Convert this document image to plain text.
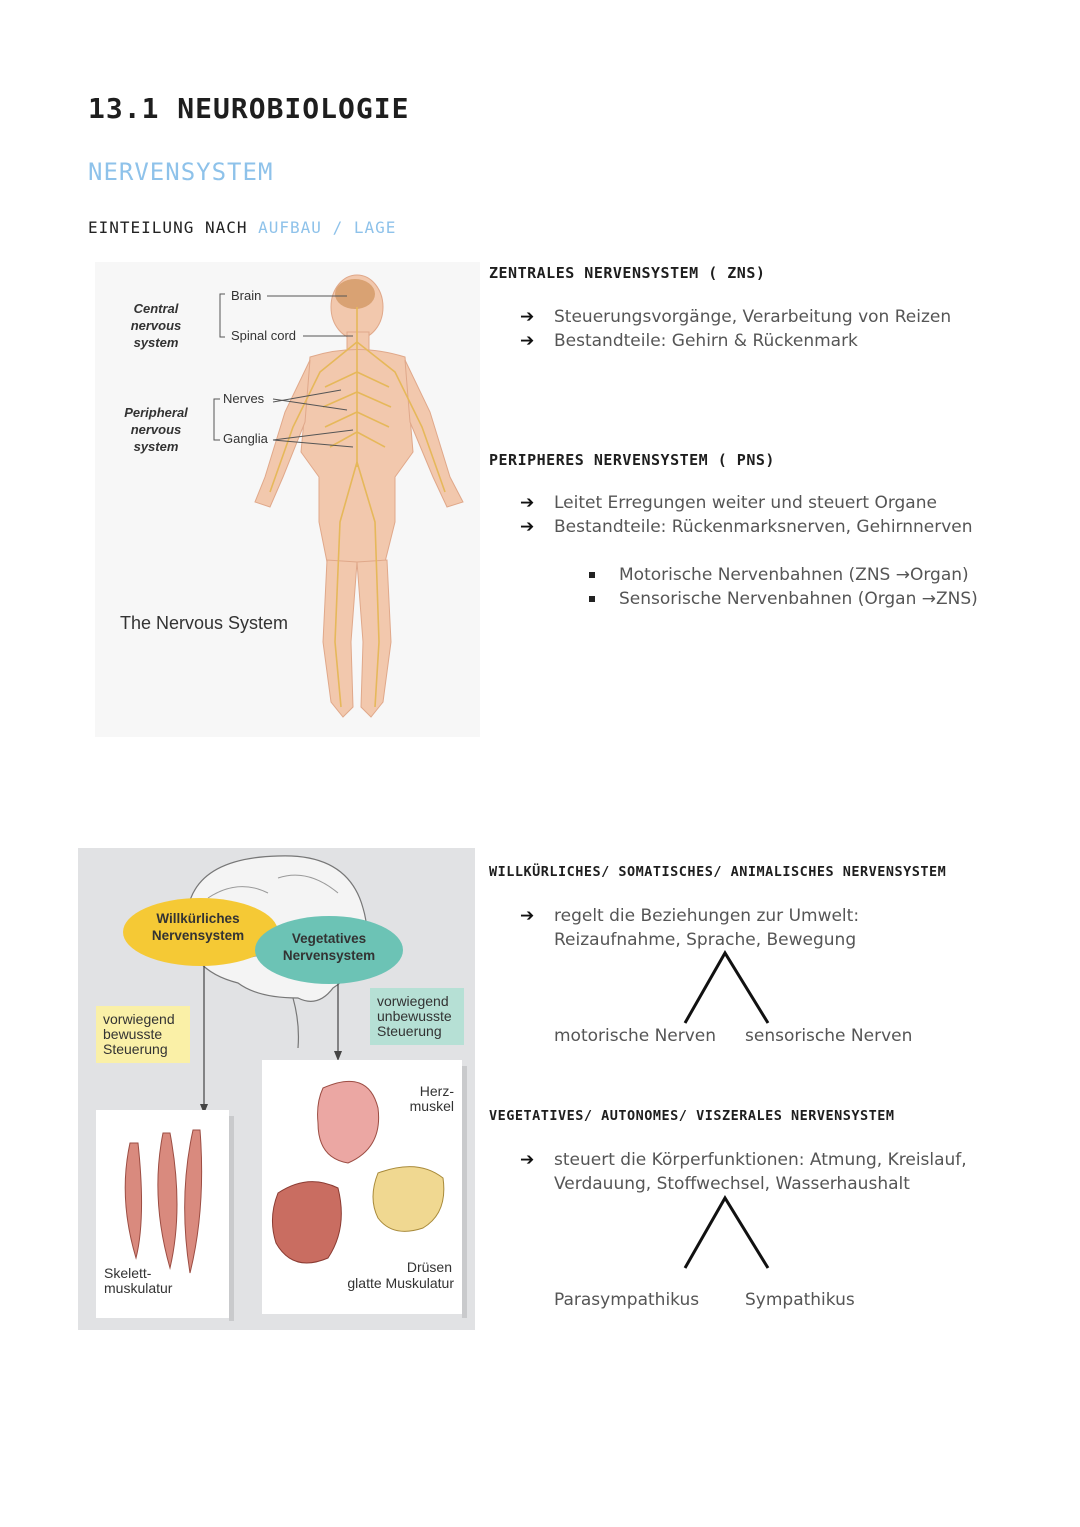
13.1 NEUROBIOLOGIE
NERVENSYSTEM
EINTEILUNG NACH AUFBAU / LAGE
Central nervous system
Brain
Spinal cord
Peripheral nervous system
Nerves
Ganglia
The Nervous System
ZENTRALES NERVENSYSTEM ( ZNS)
➔ Steuerungsvorgänge, Verarbeitung von Reizen
➔ Bestandteile: Gehirn & Rückenmark
PERIPHERES NERVENSYSTEM ( PNS)
➔ Leitet Erregungen weiter und steuert Organe
➔ Bestandteile: Rückenmarksnerven, Gehirnnerven
Motorische Nervenbahnen (ZNS →Organ)
Sensorische Nervenbahnen (Organ →ZNS)
Willkürliches Nervensystem	Vegetatives Nervensystem
vorwiegend bewusste Steuerung
vorwiegend unbewusste Steuerung
Herz- muskel
Skelett- muskulatur
Drüsen
glatte Muskulatur
WILLKÜRLICHES/ SOMATISCHES/ ANIMALISCHES NERVENSYSTEM
➔ regelt die Beziehungen zur Umwelt:
Reizaufnahme, Sprache, Bewegung
motorische Nerven sensorische Nerven
VEGETATIVES/ AUTONOMES/ VISZERALES NERVENSYSTEM
➔ steuert die Körperfunktionen: Atmung, Kreislauf,
Verdauung, Stoffwechsel, Wasserhaushalt
Parasympathikus	Sympathikus
